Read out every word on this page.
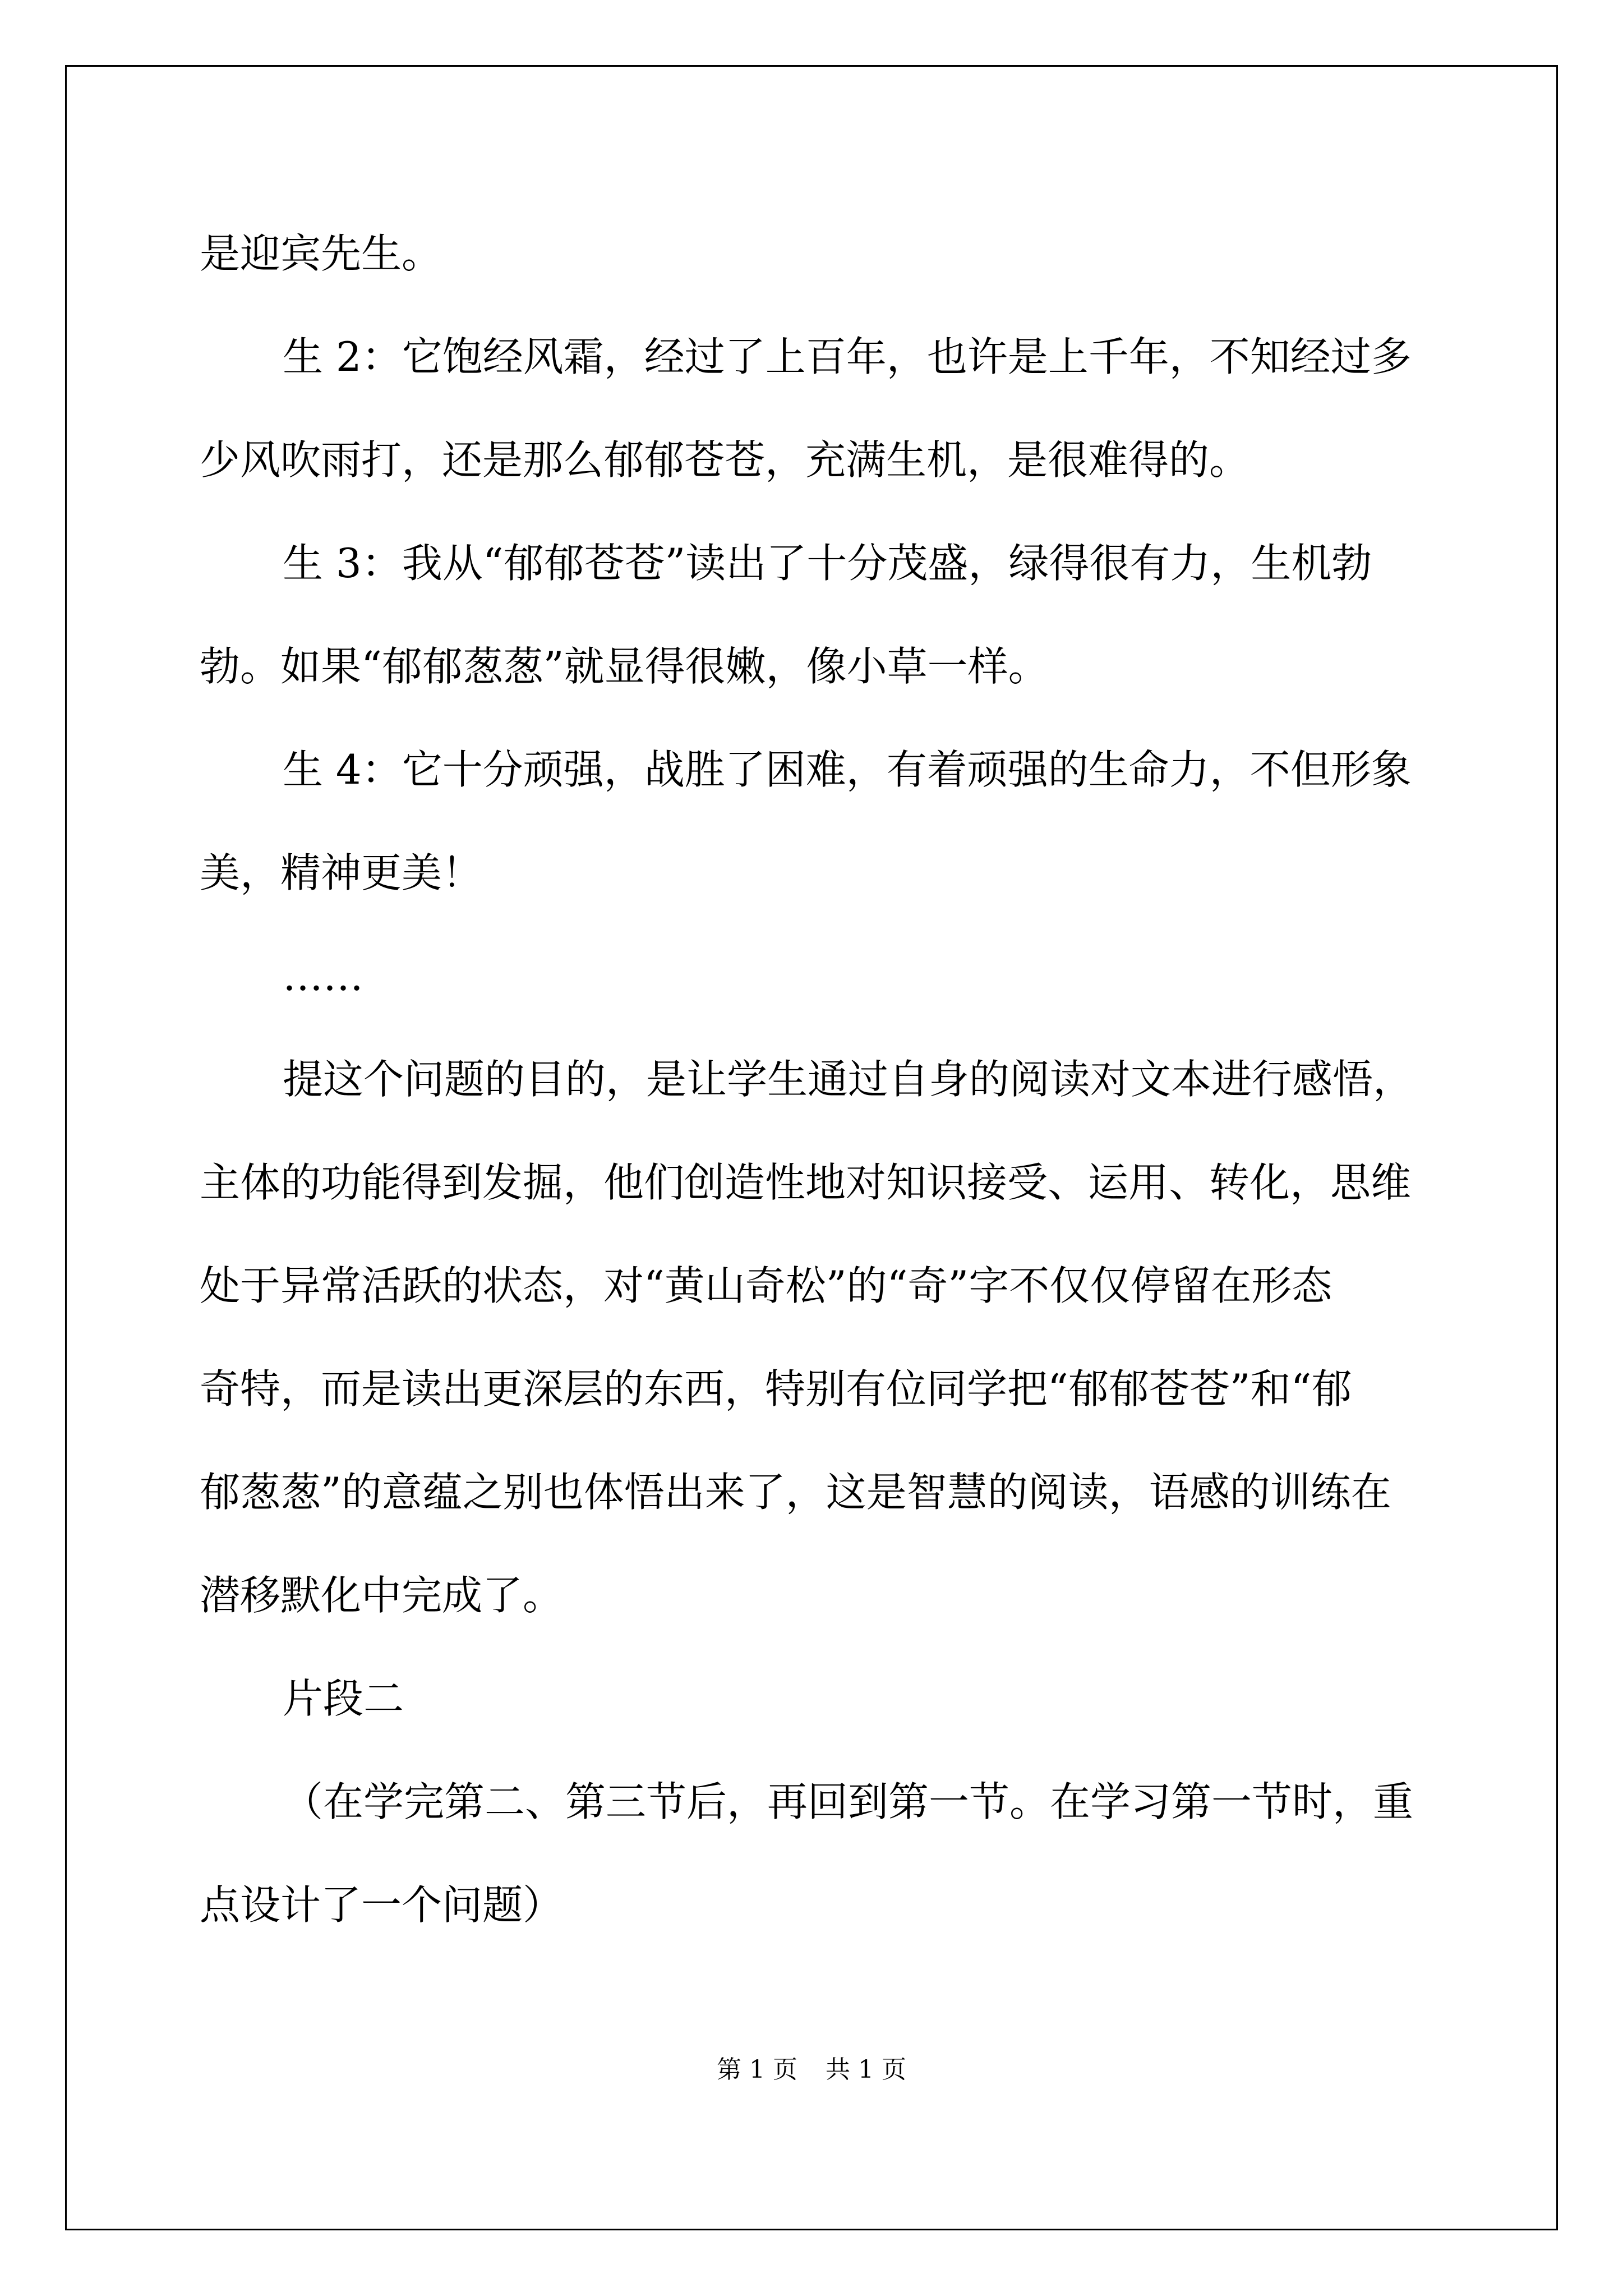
是迎宾先生。

生 2：它饱经风霜，经过了上百年，也许是上千年，不知经过多

少风吹雨打，还是那么郁郁苍苍，充满生机，是很难得的。

生 3：我从“郁郁苍苍”读出了十分茂盛，绿得很有力，生机勃

勃。如果“郁郁葱葱”就显得很嫩，像小草一样。

生 4：它十分顽强，战胜了困难，有着顽强的生命力，不但形象

美，精神更美！

……

提这个问题的目的，是让学生通过自身的阅读对文本进行感悟，

主体的功能得到发掘，他们创造性地对知识接受、运用、转化，思维

处于异常活跃的状态，对“黄山奇松”的“奇”字不仅仅停留在形态

奇特，而是读出更深层的东西，特别有位同学把“郁郁苍苍”和“郁

郁葱葱”的意蕴之别也体悟出来了，这是智慧的阅读，语感的训练在

潜移默化中完成了。

片段二

（在学完第二、第三节后，再回到第一节。在学习第一节时，重

点设计了一个问题）

第 1 页 共 1 页
